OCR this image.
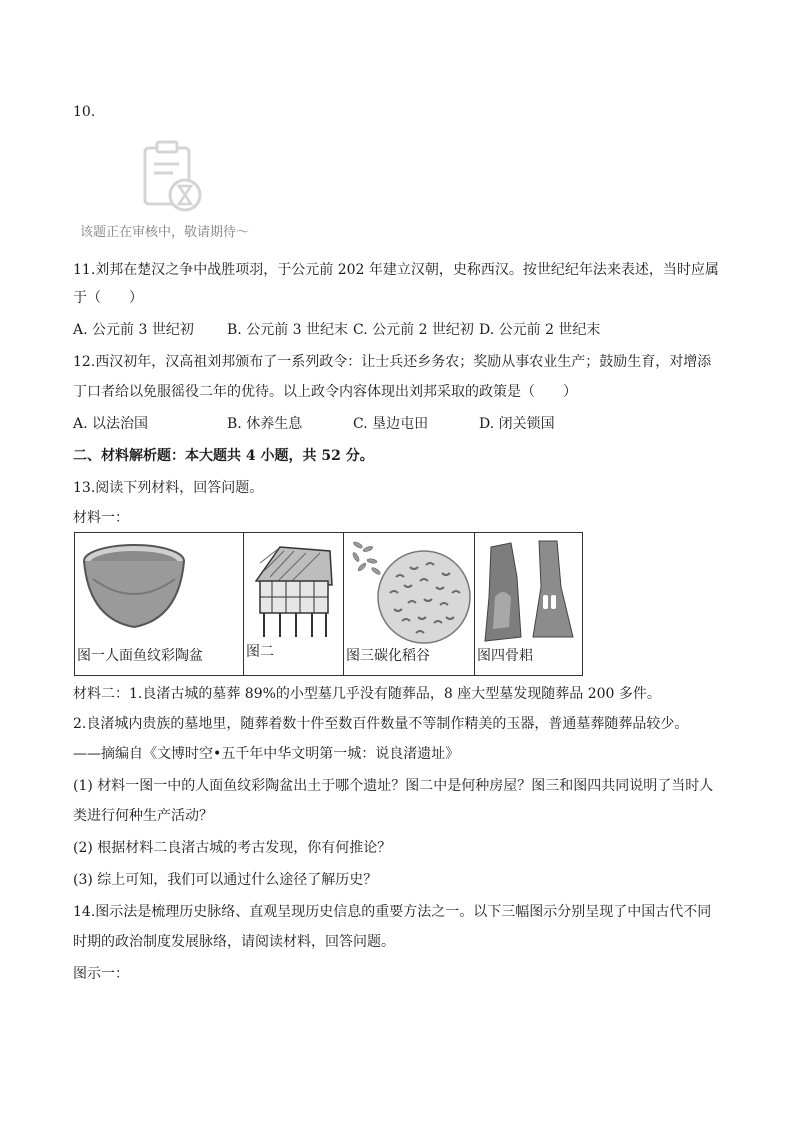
10.
该题正在审核中，敬请期待～
11.刘邦在楚汉之争中战胜项羽，于公元前 202 年建立汉朝，史称西汉。按世纪纪年法来表述，当时应属
于（　　）
A. 公元前 3 世纪初 B. 公元前 3 世纪末 C. 公元前 2 世纪初 D. 公元前 2 世纪末
12.西汉初年，汉高祖刘邦颁布了一系列政令：让士兵还乡务农；奖励从事农业生产；鼓励生育，对增添
丁口者给以免服徭役二年的优待。以上政令内容体现出刘邦采取的政策是（　　）
A. 以法治国	B. 休养生息	C. 垦边屯田	D. 闭关锁国
二、材料解析题：本大题共 4 小题，共 52 分。
13.阅读下列材料，回答问题。
材料一：
图一人面鱼纹彩陶盆	图二	图三碳化稻谷	图四骨耜
材料二：1.良渚古城的墓葬 89%的小型墓几乎没有随葬品，8 座大型墓发现随葬品 200 多件。
2.良渚城内贵族的墓地里，随葬着数十件至数百件数量不等制作精美的玉器，普通墓葬随葬品较少。
——摘编自《文博时空•五千年中华文明第一城：说良渚遗址》
(1) 材料一图一中的人面鱼纹彩陶盆出土于哪个遗址？图二中是何种房屋？图三和图四共同说明了当时人
类进行何种生产活动？
(2) 根据材料二良渚古城的考古发现，你有何推论？
(3) 综上可知，我们可以通过什么途径了解历史？
14.图示法是梳理历史脉络、直观呈现历史信息的重要方法之一。以下三幅图示分别呈现了中国古代不同
时期的政治制度发展脉络，请阅读材料，回答问题。
图示一：
